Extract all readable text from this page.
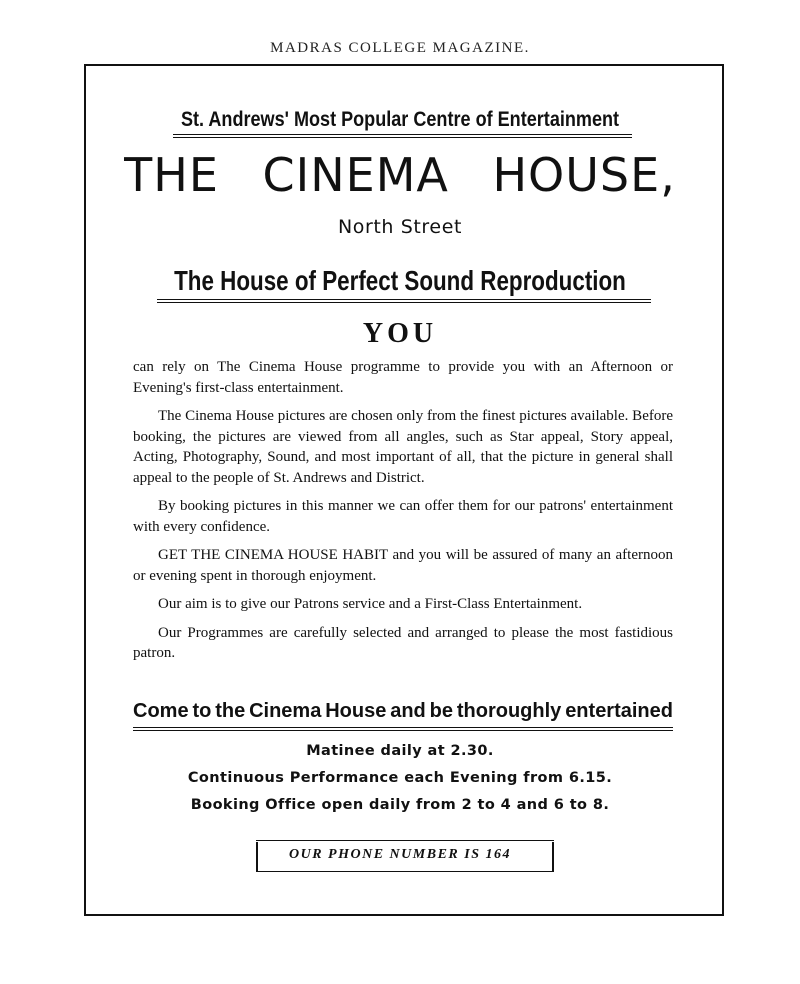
MADRAS COLLEGE MAGAZINE.
St. Andrews' Most Popular Centre of Entertainment
THE CINEMA HOUSE,
North Street
The House of Perfect Sound Reproduction
YOU

can rely on The Cinema House programme to provide you with an Afternoon or Evening's first-class entertainment.

The Cinema House pictures are chosen only from the finest pictures available. Before booking, the pictures are viewed from all angles, such as Star appeal, Story appeal, Acting, Photography, Sound, and most important of all, that the picture in general shall appeal to the people of St. Andrews and District.

By booking pictures in this manner we can offer them for our patrons' entertainment with every confidence.

GET THE CINEMA HOUSE HABIT and you will be assured of many an afternoon or evening spent in thorough enjoyment.

Our aim is to give our Patrons service and a First-Class Entertainment.

Our Programmes are carefully selected and arranged to please the most fastidious patron.

Come to the Cinema House and be thoroughly entertained
Matinee daily at 2.30.
Continuous Performance each Evening from 6.15.
Booking Office open daily from 2 to 4 and 6 to 8.
OUR PHONE NUMBER IS 164
